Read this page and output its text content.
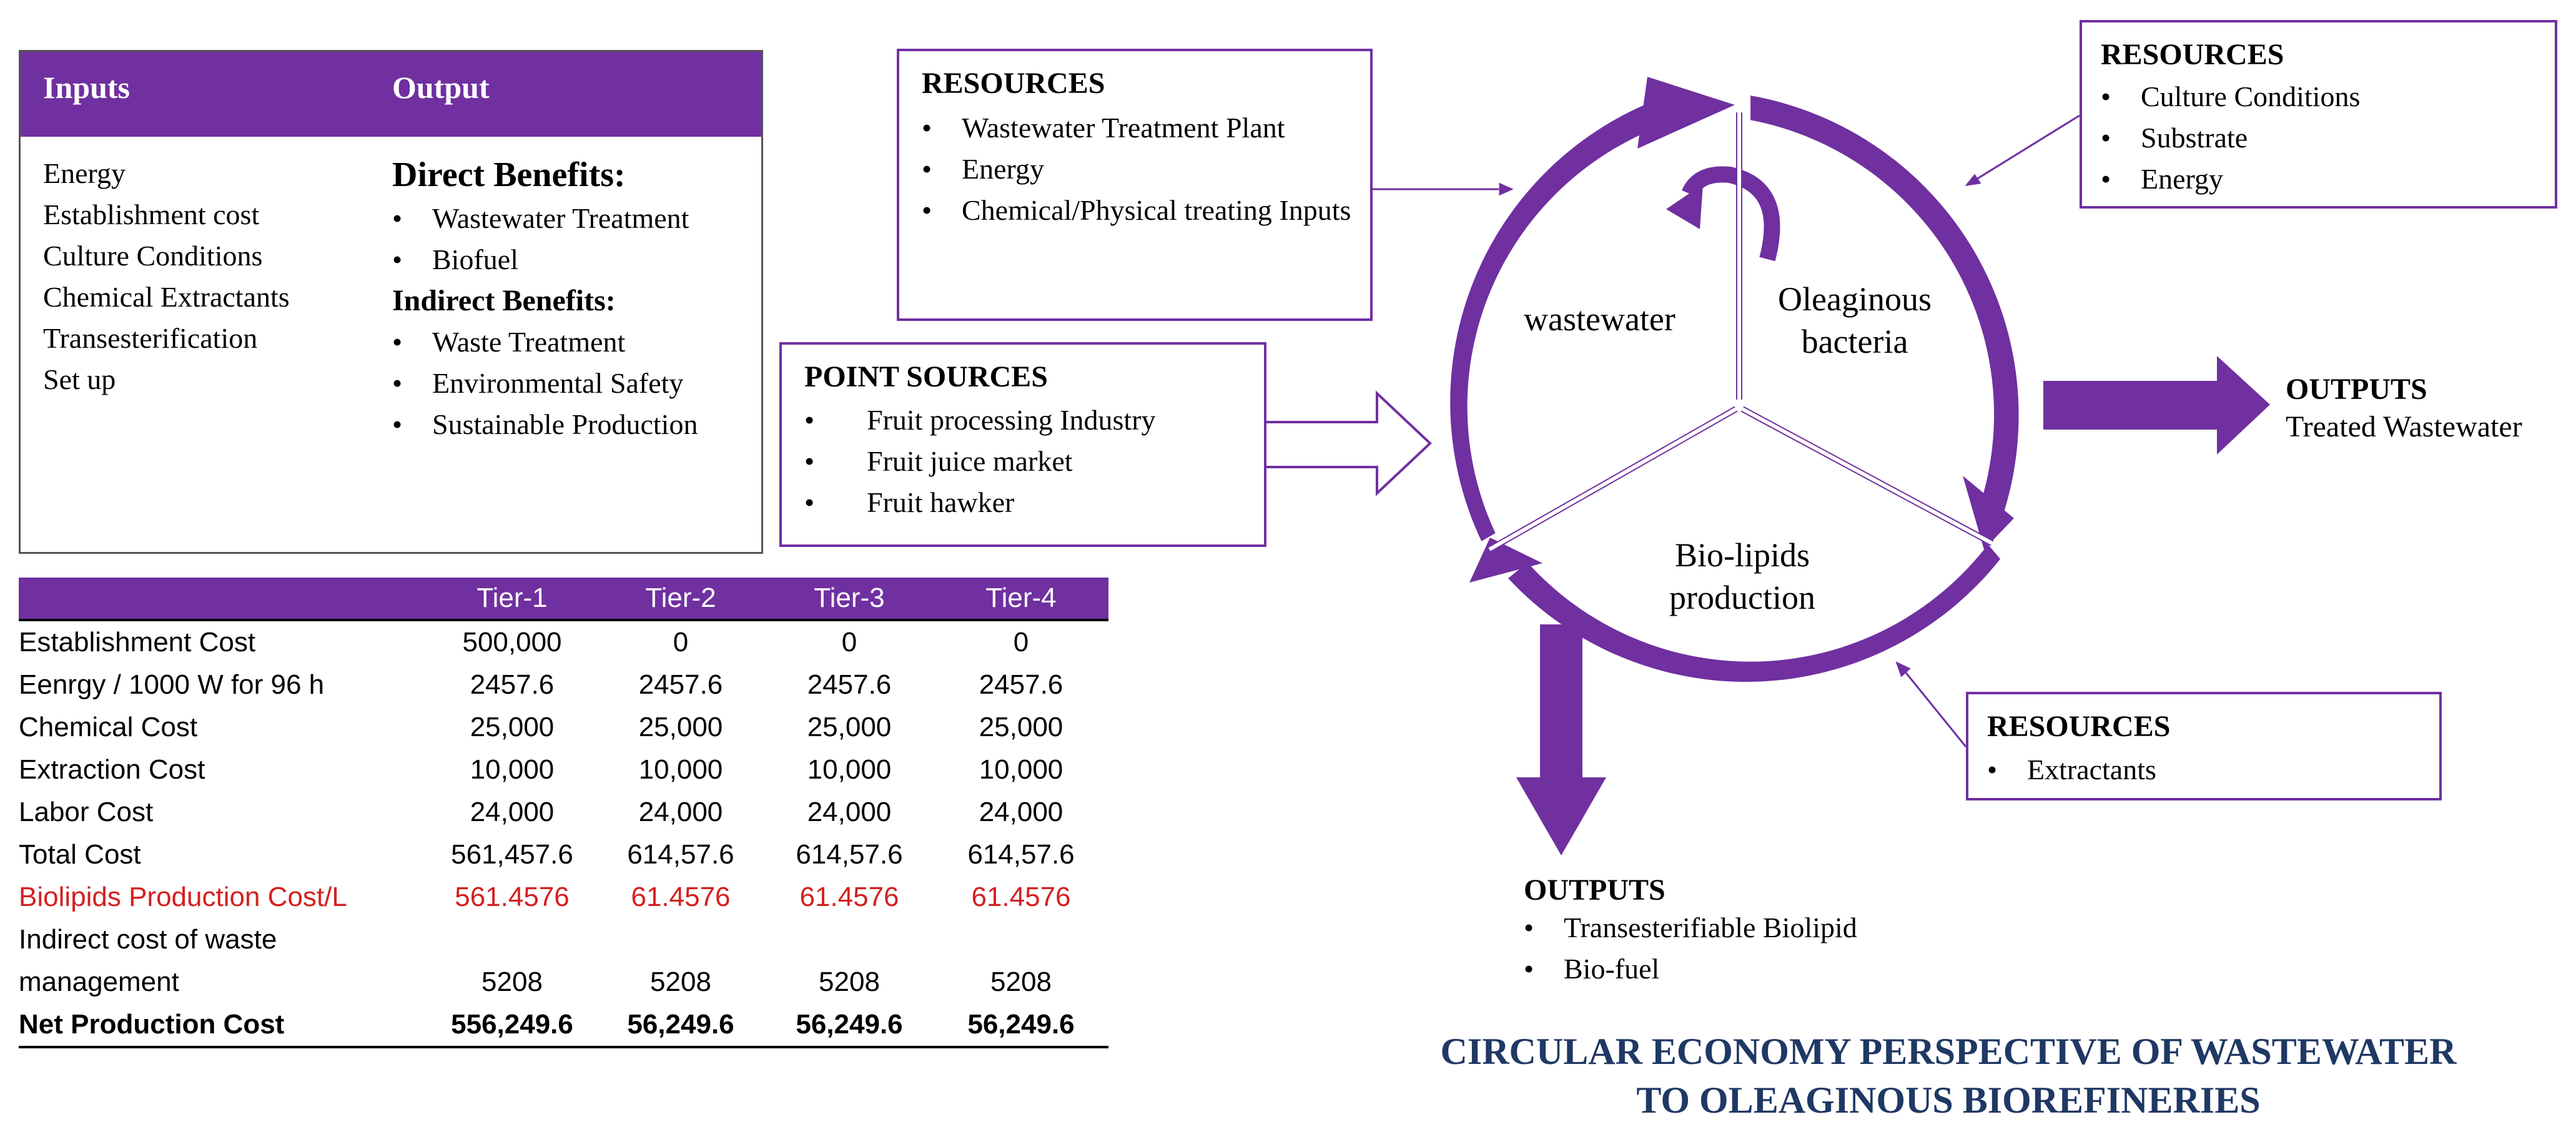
Inputs	Output
Energy
Establishment cost
Culture Conditions
Chemical Extractants
Transesterification
Set up
Direct Benefits:
• Wastewater Treatment
• Biofuel
Indirect Benefits:
• Waste Treatment
• Environmental Safety
• Sustainable Production
	Tier-1	Tier-2	Tier-3	Tier-4
Establishment Cost	500,000	0	0	0
Eenrgy / 1000 W for 96 h	2457.6	2457.6	2457.6	2457.6
Chemical Cost	25,000	25,000	25,000	25,000
Extraction Cost	10,000	10,000	10,000	10,000
Labor Cost	24,000	24,000	24,000	24,000
Total Cost	561,457.6	614,57.6	614,57.6	614,57.6
Biolipids Production Cost/L	561.4576	61.4576	61.4576	61.4576
Indirect cost of waste				
management	5208	5208	5208	5208
Net Production Cost	556,249.6	56,249.6	56,249.6	56,249.6
RESOURCES
• Wastewater Treatment Plant
• Energy
• Chemical/Physical treating Inputs
RESOURCES
• Culture Conditions
• Substrate
• Energy
POINT SOURCES
• Fruit processing Industry
• Fruit juice market
• Fruit hawker
RESOURCES
• Extractants
wastewater
Oleaginous
bacteria
Bio-lipids
production
OUTPUTS
Treated Wastewater
OUTPUTS
• Transesterifiable Biolipid
• Bio-fuel
CIRCULAR ECONOMY PERSPECTIVE OF WASTEWATER
TO OLEAGINOUS BIOREFINERIES
